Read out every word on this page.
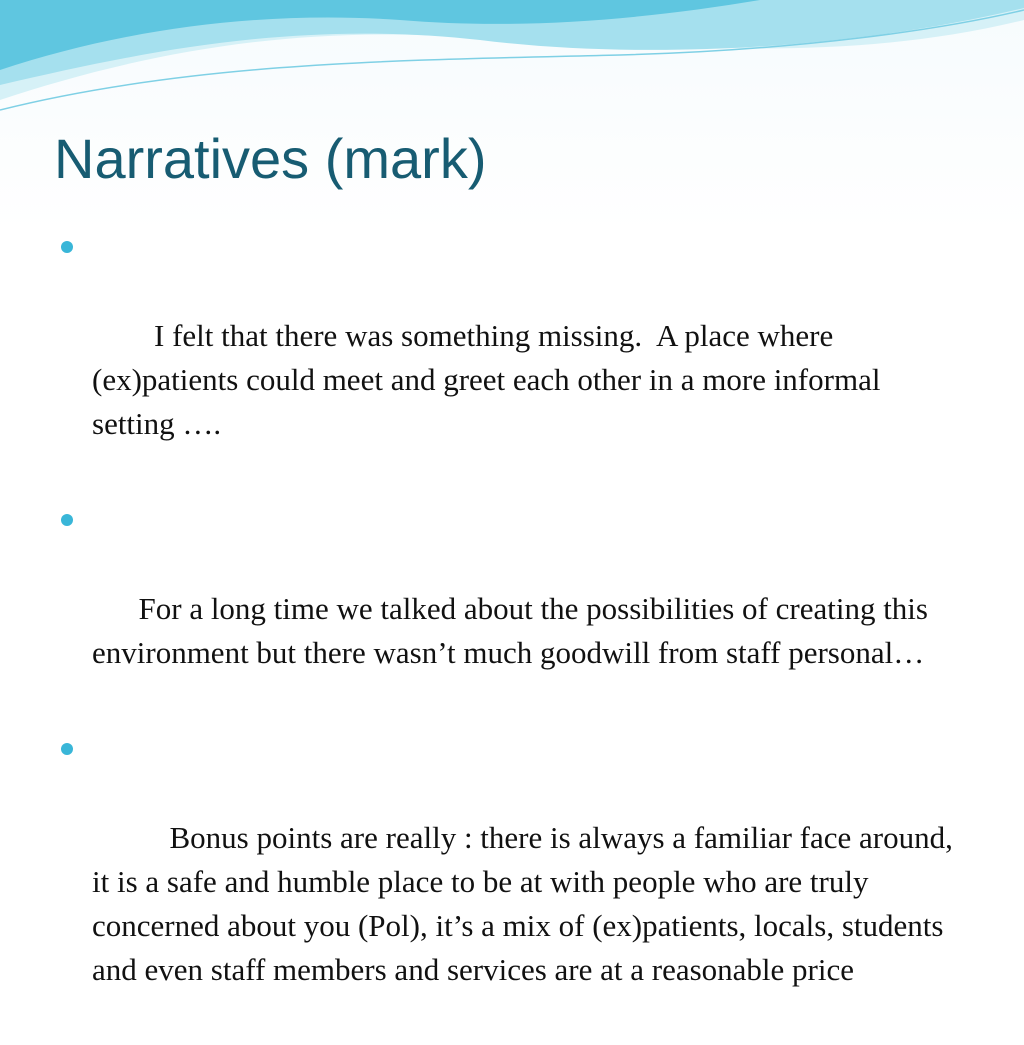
Narratives (mark)

I felt that there was something missing.  A place where (ex)patients could meet and greet each other in a more informal setting ….

For a long time we talked about the possibilities of creating this environment but there wasn’t much goodwill from staff personal…

Bonus points are really : there is always a familiar face around, it is a safe and humble place to be at with people who are truly concerned about you (Pol), it’s a mix of (ex)patients, locals, students and even staff members and services are at a reasonable price
